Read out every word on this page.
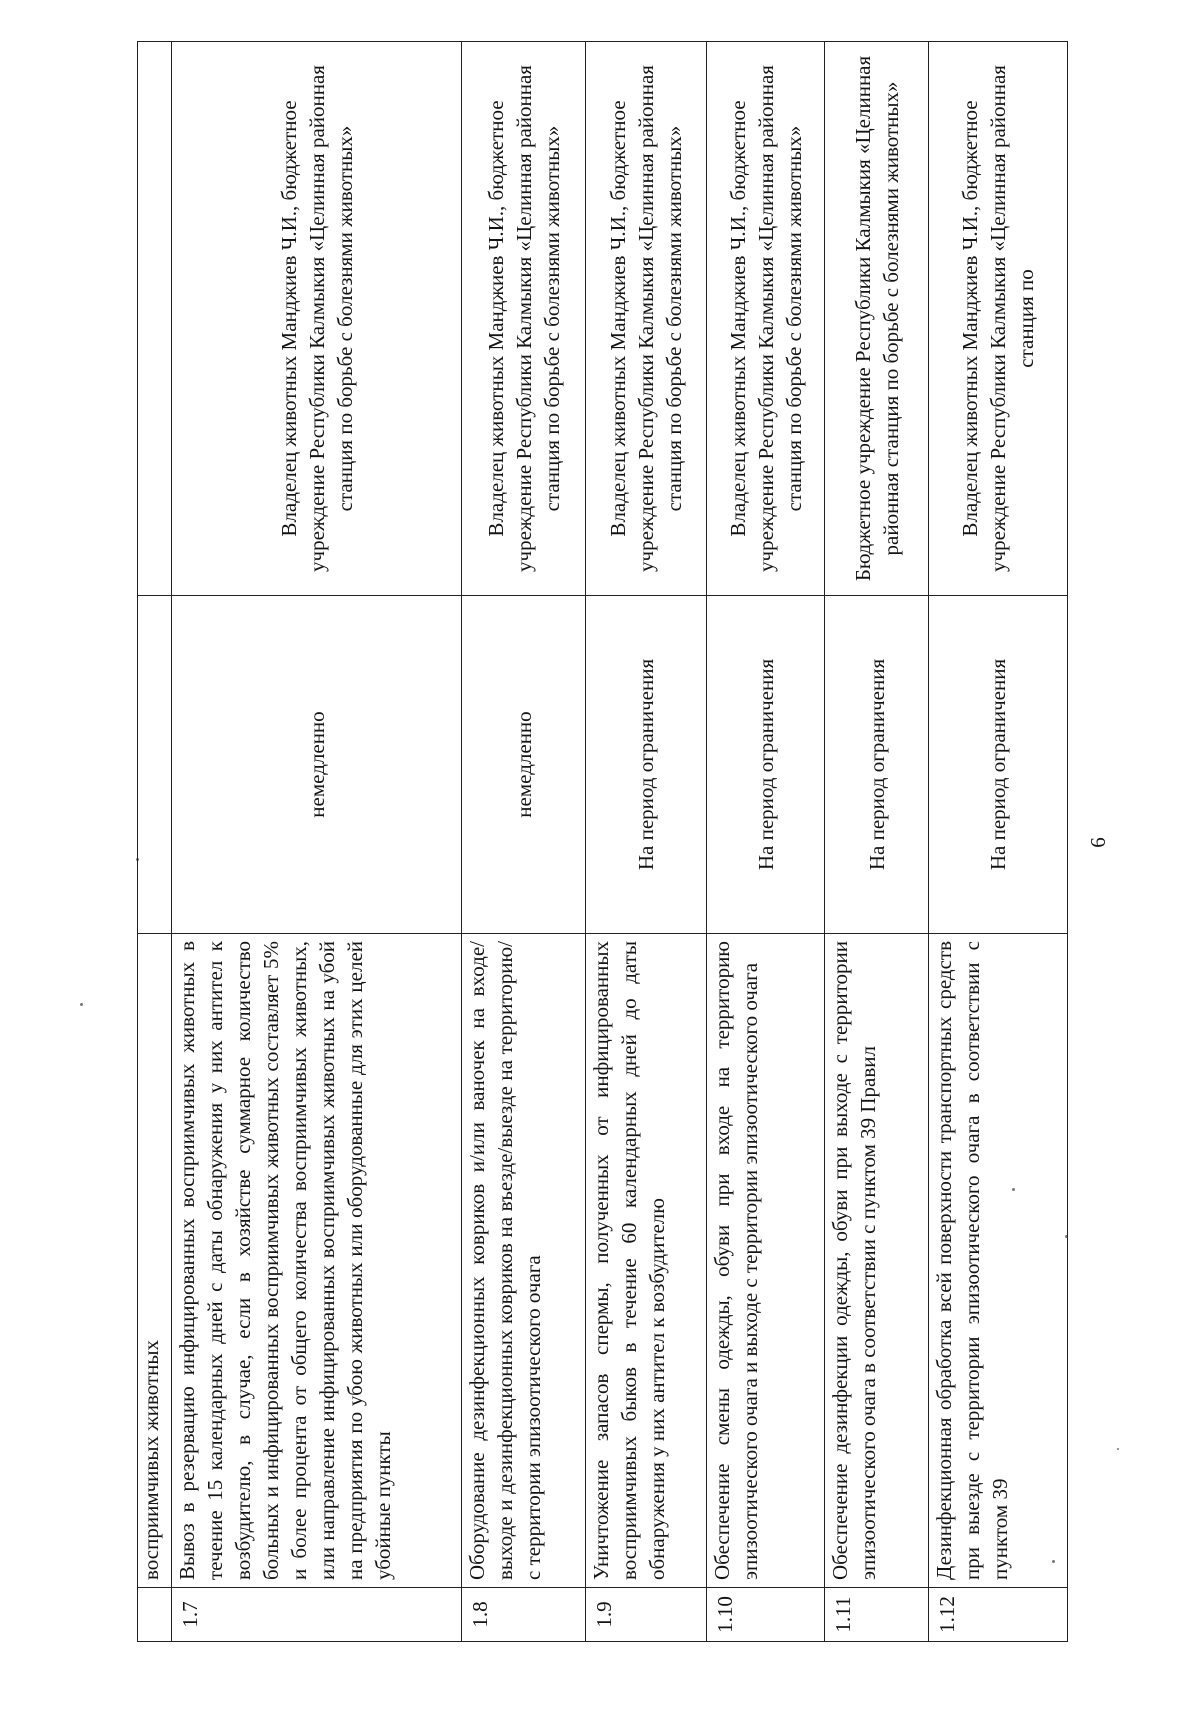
	восприимчивых животных		
1.7	Вывоз в резервацию инфицированных восприимчивых животных в течение 15 календарных дней с даты обнаружения у них антител к возбудителю, в случае, если в хозяйстве суммарное количество больных и инфицированных восприимчивых животных составляет 5% и более процента от общего количества восприимчивых животных, или направление инфицированных восприимчивых животных на убой на предприятия по убою животных или оборудованные для этих целей убойные пункты	немедленно	Владелец животных Манджиев Ч.И., бюджетное учреждение Республики Калмыкия «Целинная районная станция по борьбе с болезнями животных»
1.8	Оборудование дезинфекционных ковриков и/или ваночек на входе/выходе и дезинфекционных ковриков на въезде/выезде на территорию/с территории эпизоотического очага	немедленно	Владелец животных Манджиев Ч.И., бюджетное учреждение Республики Калмыкия «Целинная районная станция по борьбе с болезнями животных»
1.9	Уничтожение запасов спермы, полученных от инфицированных восприимчивых быков в течение 60 календарных дней до даты обнаружения у них антител к возбудителю	На период ограничения	Владелец животных Манджиев Ч.И., бюджетное учреждение Республики Калмыкия «Целинная районная станция по борьбе с болезнями животных»
1.10	Обеспечение смены одежды, обуви при входе на территорию эпизоотического очага и выходе с территории эпизоотического очага	На период ограничения	Владелец животных Манджиев Ч.И., бюджетное учреждение Республики Калмыкия «Целинная районная станция по борьбе с болезнями животных»
1.11	Обеспечение дезинфекции одежды, обуви при выходе с территории эпизоотического очага в соответствии с пунктом 39 Правил	На период ограничения	Бюджетное учреждение Республики Калмыкия «Целинная районная станция по борьбе с болезнями животных»
1.12	Дезинфекционная обработка всей поверхности транспортных средств при выезде с территории эпизоотического очага в соответствии с пунктом 39	На период ограничения	Владелец животных Манджиев Ч.И., бюджетное учреждение Республики Калмыкия «Целинная районная станция по
6
